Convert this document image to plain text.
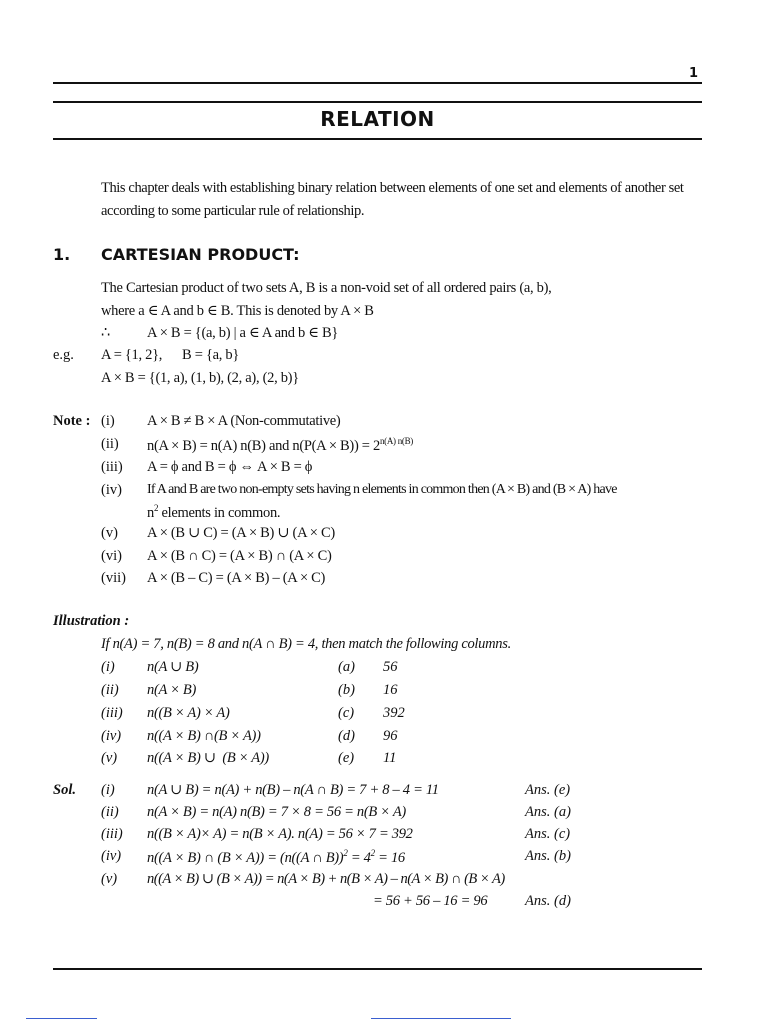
1
RELATION
This chapter deals with establishing binary relation between elements of one set and elements of another set according to some particular rule of relationship.
1. CARTESIAN PRODUCT:
The Cartesian product of two sets A, B is a non-void set of all ordered pairs (a, b),
where a ∈ A and b ∈ B. This is denoted by A × B
∴	A × B = {(a, b) | a ∈ A and b ∈ B}
e.g. A = {1, 2},      B = {a, b}
A × B = {(1, a), (1, b), (2, a), (2, b)}
Note : (i) A × B ≠ B × A (Non-commutative)
(ii) n(A × B) = n(A) n(B) and $n(P(A \times B)) = 2^{n(A) n(B)}$
(iii) A = ϕ and B = ϕ ⇔ A × B = ϕ
(iv) If A and B are two non-empty sets having n elements in common then (A × B) and (B × A) have
$n^2$ elements in common.
(v) A × (B ∪ C) = (A × B) ∪ (A × C)
(vi) A × (B ∩ C) = (A × B) ∩ (A × C)
(vii) A × (B – C) = (A × B) – (A × C)
Illustration :
If n(A) = 7, n(B) = 8 and n(A ∩ B) = 4, then match the following columns.
(i) n(A ∪ B)	(a) 56
(ii) n(A × B)	(b) 16
(iii) n((B × A) × A)	(c) 392
(iv) n((A × B) ∩(B × A))	(d) 96
(v) n((A × B) ∪  (B × A))	(e) 11
Sol. (i) n(A ∪ B) = n(A) + n(B) – n(A ∩ B) = 7 + 8 – 4 = 11	Ans. (e)
(ii) n(A × B) = n(A) n(B) = 7 × 8 = 56 = n(B × A)	Ans. (a)
(iii) n((B × A)× A) = n(B × A). n(A) = 56 × 7 = 392	Ans. (c)
(iv) n((A × B) ∩ (B × A)) = (n((A ∩ $B))^2 = 4^2 = 16$	Ans. (b)
(v) n((A × B) ∪ (B × A)) = n(A × B) + n(B × A) – n(A × B) ∩ (B × A)
= 56 + 56 – 16 = 96	Ans. (d)
